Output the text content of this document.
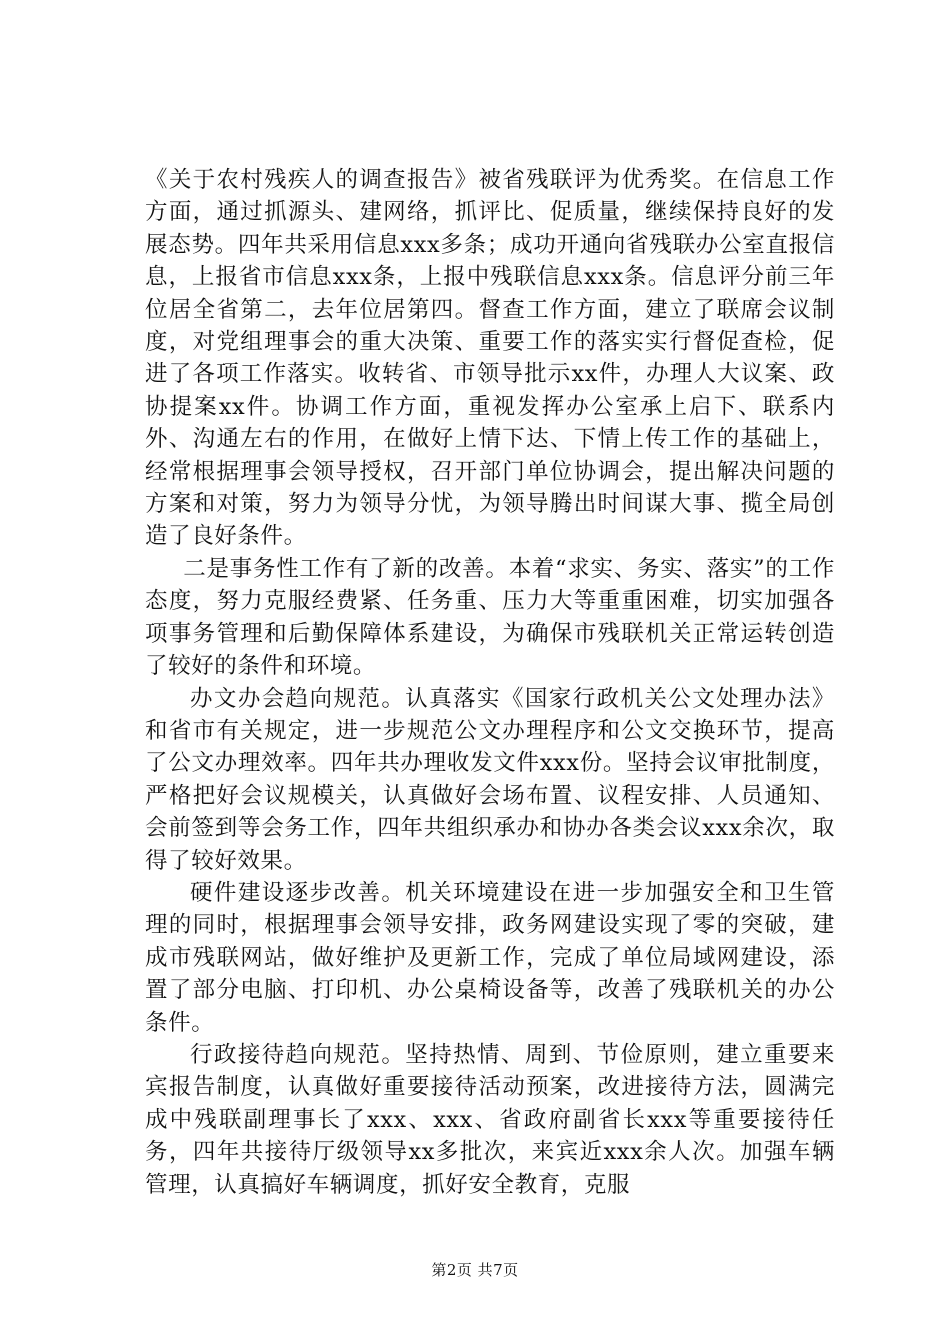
《关于农村残疾人的调查报告》被省残联评为优秀奖。在信息工作方面，通过抓源头、建网络，抓评比、促质量，继续保持良好的发展态势。四年共采用信息xxx多条；成功开通向省残联办公室直报信息，上报省市信息xxx条，上报中残联信息xxx条。信息评分前三年位居全省第二，去年位居第四。督查工作方面，建立了联席会议制度，对党组理事会的重大决策、重要工作的落实实行督促查检，促进了各项工作落实。收转省、市领导批示xx件，办理人大议案、政协提案xx件。协调工作方面，重视发挥办公室承上启下、联系内外、沟通左右的作用，在做好上情下达、下情上传工作的基础上，经常根据理事会领导授权，召开部门单位协调会，提出解决问题的方案和对策，努力为领导分忧，为领导腾出时间谋大事、揽全局创造了良好条件。

二是事务性工作有了新的改善。本着“求实、务实、落实”的工作态度，努力克服经费紧、任务重、压力大等重重困难，切实加强各项事务管理和后勤保障体系建设，为确保市残联机关正常运转创造了较好的条件和环境。

办文办会趋向规范。认真落实《国家行政机关公文处理办法》和省市有关规定，进一步规范公文办理程序和公文交换环节，提高了公文办理效率。四年共办理收发文件xxx份。坚持会议审批制度，严格把好会议规模关，认真做好会场布置、议程安排、人员通知、会前签到等会务工作，四年共组织承办和协办各类会议xxx余次，取得了较好效果。

硬件建设逐步改善。机关环境建设在进一步加强安全和卫生管理的同时，根据理事会领导安排，政务网建设实现了零的突破，建成市残联网站，做好维护及更新工作，完成了单位局域网建设，添置了部分电脑、打印机、办公桌椅设备等，改善了残联机关的办公条件。

行政接待趋向规范。坚持热情、周到、节俭原则，建立重要来宾报告制度，认真做好重要接待活动预案，改进接待方法，圆满完成中残联副理事长了xxx、xxx、省政府副省长xxx等重要接待任务，四年共接待厅级领导xx多批次，来宾近xxx余人次。加强车辆管理，认真搞好车辆调度，抓好安全教育，克服

第2页 共7页
